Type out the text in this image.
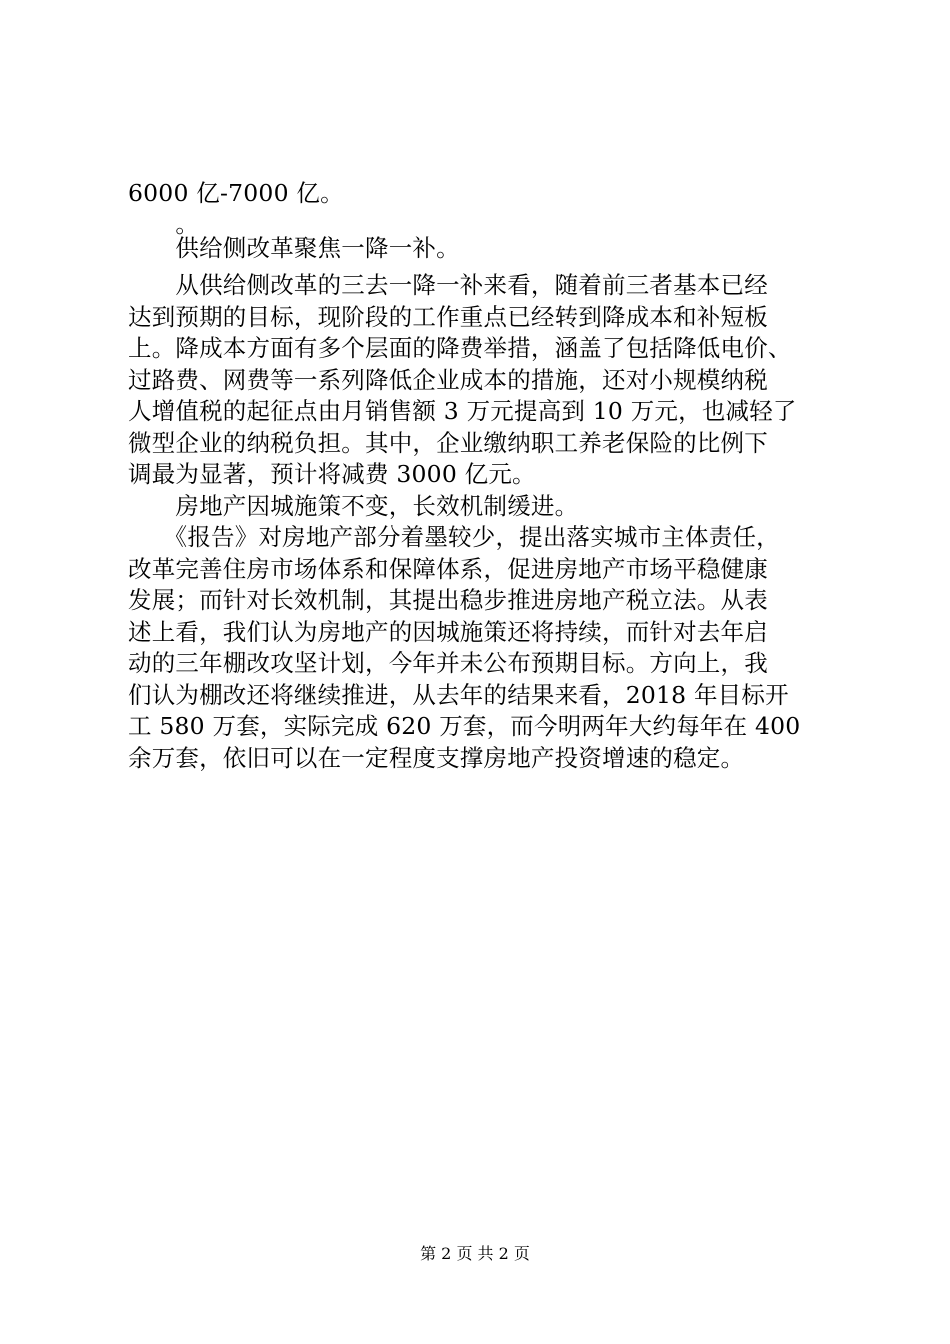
6000 亿-7000 亿。
　　。
　　供给侧改革聚焦一降一补。
　　从供给侧改革的三去一降一补来看，随着前三者基本已经
达到预期的目标，现阶段的工作重点已经转到降成本和补短板
上。降成本方面有多个层面的降费举措，涵盖了包括降低电价、
过路费、网费等一系列降低企业成本的措施，还对小规模纳税
人增值税的起征点由月销售额 3 万元提高到 10 万元，也减轻了
微型企业的纳税负担。其中，企业缴纳职工养老保险的比例下
调最为显著，预计将减费 3000 亿元。
　　房地产因城施策不变，长效机制缓进。
　　《报告》对房地产部分着墨较少，提出落实城市主体责任，
改革完善住房市场体系和保障体系，促进房地产市场平稳健康
发展；而针对长效机制，其提出稳步推进房地产税立法。从表
述上看，我们认为房地产的因城施策还将持续，而针对去年启
动的三年棚改攻坚计划，今年并未公布预期目标。方向上，我
们认为棚改还将继续推进，从去年的结果来看，2018 年目标开
工 580 万套，实际完成 620 万套，而今明两年大约每年在 400
余万套，依旧可以在一定程度支撑房地产投资增速的稳定。
第 2 页 共 2 页
